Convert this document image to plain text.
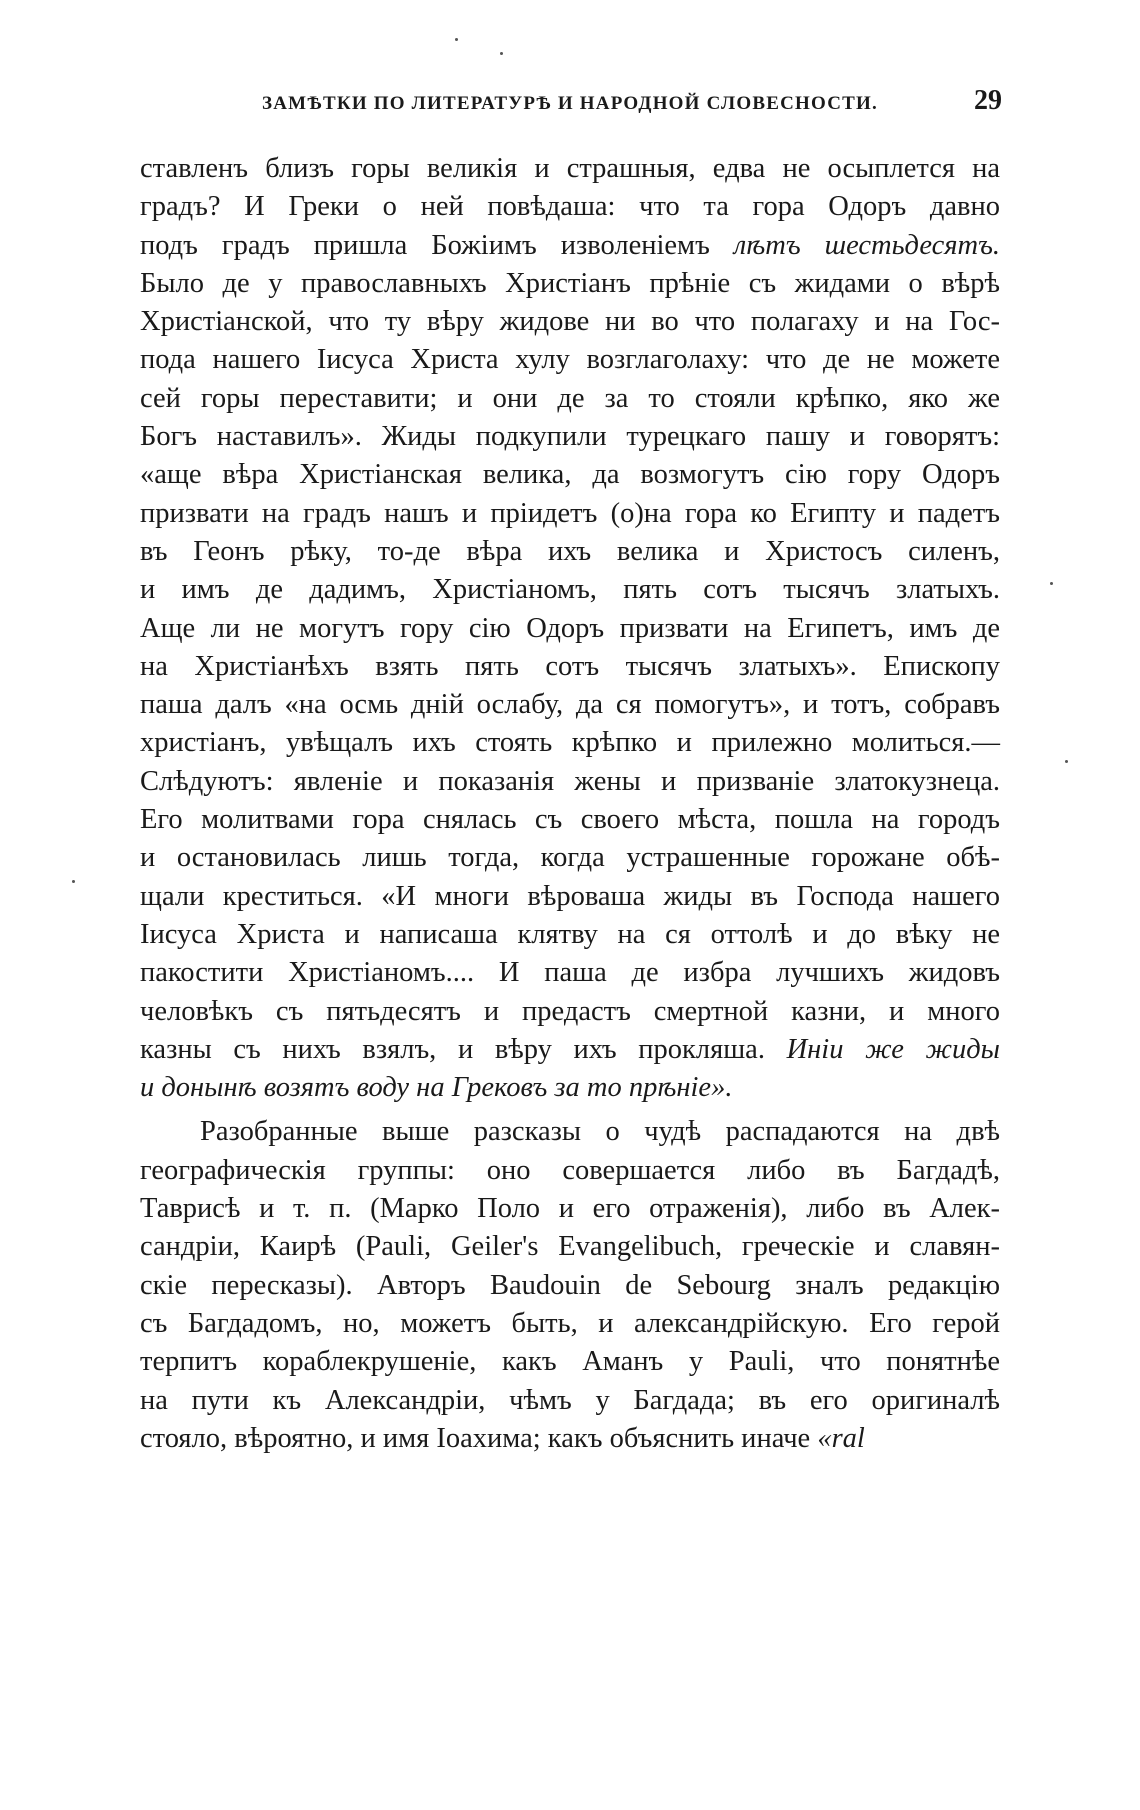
ЗАМѢТКИ ПО ЛИТЕРАТУРѢ И НАРОДНОЙ СЛОВЕСНОСТИ.	29
ставленъ близъ горы великія и страшныя, едва не осыплется на
градъ? И Греки о ней повѣдаша: что та гора Одоръ давно
подъ градъ пришла Божіимъ изволеніемъ лѣтъ шестьдесятъ.
Было де у православныхъ Христіанъ прѣніе съ жидами о вѣрѣ
Христіанской, что ту вѣру жидове ни во что полагаху и на Гос-
пода нашего Іисуса Христа хулу возглаголаху: что де не можете
сей горы переставити; и они де за то стояли крѣпко, яко же
Богъ наставилъ». Жиды подкупили турецкаго пашу и говорятъ:
«аще вѣра Христіанская велика, да возмогутъ сію гору Одоръ
призвати на градъ нашъ и пріидетъ (о)на гора ко Египту и падетъ
въ Геонъ рѣку, то-де вѣра ихъ велика и Христосъ силенъ,
и имъ де дадимъ, Христіаномъ, пять сотъ тысячъ златыхъ.
Аще ли не могутъ гору сію Одоръ призвати на Египетъ, имъ де
на Христіанѣхъ взять пять сотъ тысячъ златыхъ». Епископу
паша далъ «на осмь дній ослабу, да ся помогутъ», и тотъ, собравъ
христіанъ, увѣщалъ ихъ стоять крѣпко и прилежно молиться.—
Слѣдуютъ: явленіе и показанія жены и призваніе златокузнеца.
Его молитвами гора снялась съ своего мѣста, пошла на городъ
и остановилась лишь тогда, когда устрашенные горожане обѣ-
щали креститься. «И многи вѣроваша жиды въ Господа нашего
Іисуса Христа и написаша клятву на ся оттолѣ и до вѣку не
пакостити Христіаномъ.... И паша де избра лучшихъ жидовъ
человѣкъ съ пятьдесятъ и предастъ смертной казни, и много
казны съ нихъ взялъ, и вѣру ихъ прокляша. Иніи же жиды
и донынѣ возятъ воду на Грековъ за то прѣніе».
Разобранные выше разсказы о чудѣ распадаются на двѣ
географическія группы: оно совершается либо въ Багдадѣ,
Таврисѣ и т. п. (Марко Поло и его отраженія), либо въ Алек-
сандріи, Каирѣ (Pauli, Geiler's Evangelibuch, греческіе и славян-
скіе пересказы). Авторъ Baudouin de Sebourg зналъ редакцію
съ Багдадомъ, но, можетъ быть, и александрійскую. Его герой
терпитъ кораблекрушеніе, какъ Аманъ у Pauli, что понятнѣе
на пути къ Александріи, чѣмъ у Багдада; въ его оригиналѣ
стояло, вѣроятно, и имя Іоахима; какъ объяснить иначе «ral
